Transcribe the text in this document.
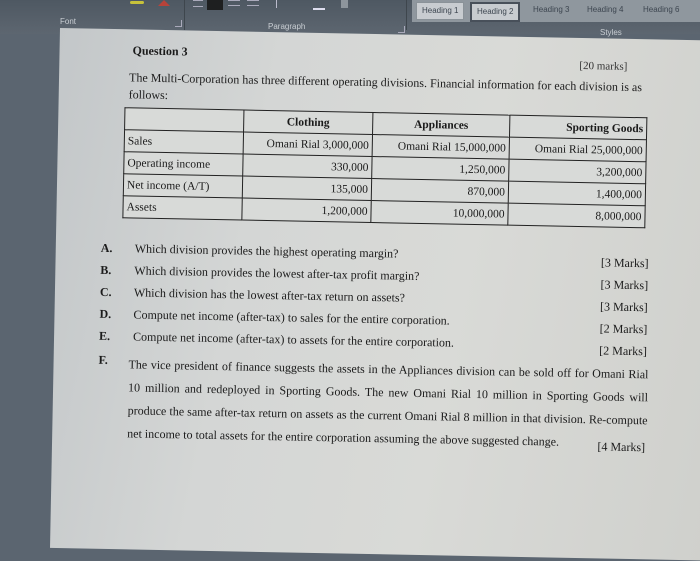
Font
Paragraph
Heading 1	Heading 2	Heading 3	Heading 4	Heading 6
Styles
Question 3
[20 marks]
The Multi-Corporation has three different operating divisions. Financial information for each division is as follows:
	Clothing	Appliances	Sporting Goods
Sales	Omani Rial 3,000,000	Omani Rial 15,000,000	Omani Rial 25,000,000
Operating income	330,000	1,250,000	3,200,000
Net income (A/T)	135,000	870,000	1,400,000
Assets	1,200,000	10,000,000	8,000,000
A. Which division provides the highest operating margin?
[3 Marks]
B. Which division provides the lowest after-tax profit margin?
[3 Marks]
C. Which division has the lowest after-tax return on assets?
[3 Marks]
D. Compute net income (after-tax) to sales for the entire corporation.
[2 Marks]
E. Compute net income (after-tax) to assets for the entire corporation.
[2 Marks]
F. The vice president of finance suggests the assets in the Appliances division can be sold off for Omani Rial 10 million and redeployed in Sporting Goods. The new Omani Rial 10 million in Sporting Goods will produce the same after-tax return on assets as the current Omani Rial 8 million in that division. Re-compute net income to total assets for the entire corporation assuming the above suggested change.	[4 Marks]
